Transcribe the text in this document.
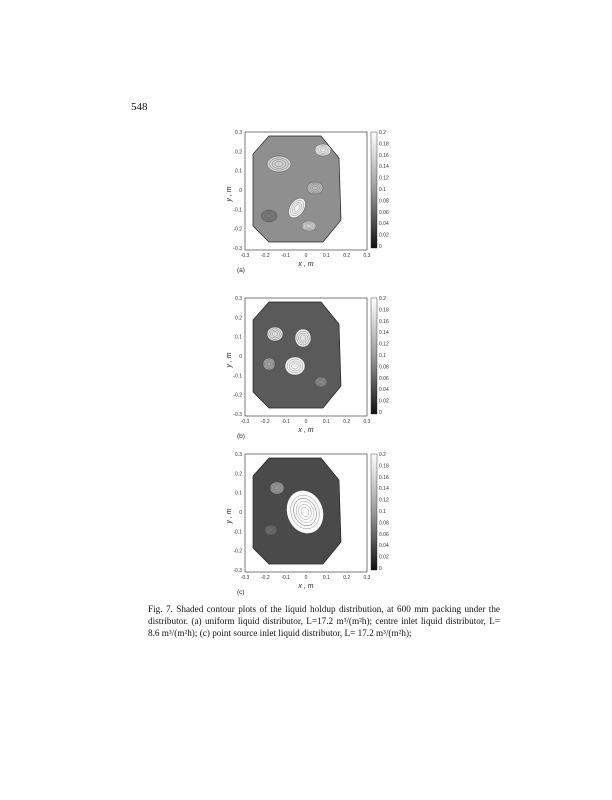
548
-0.3 -0.2 -0.1	0	0.1	0.2	0.3
0.3
0.2
0.1
0
-0.1
-0.2
-0.3
x , m
y , m
(a)
0.2
0.18
0.16
0.14
0.12
0.1
0.08
0.06
0.04
0.02
0
-0.3 -0.2 -0.1	0	0.1	0.2	0.3
0.3
0.2
0.1
0
-0.1
-0.2
-0.3
x , m
y , m
(b)
0.2
0.18
0.16
0.14
0.12
0.1
0.08
0.06
0.04
0.02
0
-0.3 -0.2 -0.1	0	0.1	0.2	0.3
0.3
0.2
0.1
0
-0.1
-0.2
-0.3
x , m
y , m
(c)
0.2
0.18
0.16
0.14
0.12
0.1
0.08
0.06
0.04
0.02
0
Fig. 7. Shaded contour plots of the liquid holdup distribution, at 600 mm packing under the distributor. (a) uniform liquid distributor, L=17.2 m³/(m²h); centre inlet liquid distributor, L= 8.6 m³/(m²h); (c) point source inlet liquid distributor, L= 17.2 m³/(m²h);
